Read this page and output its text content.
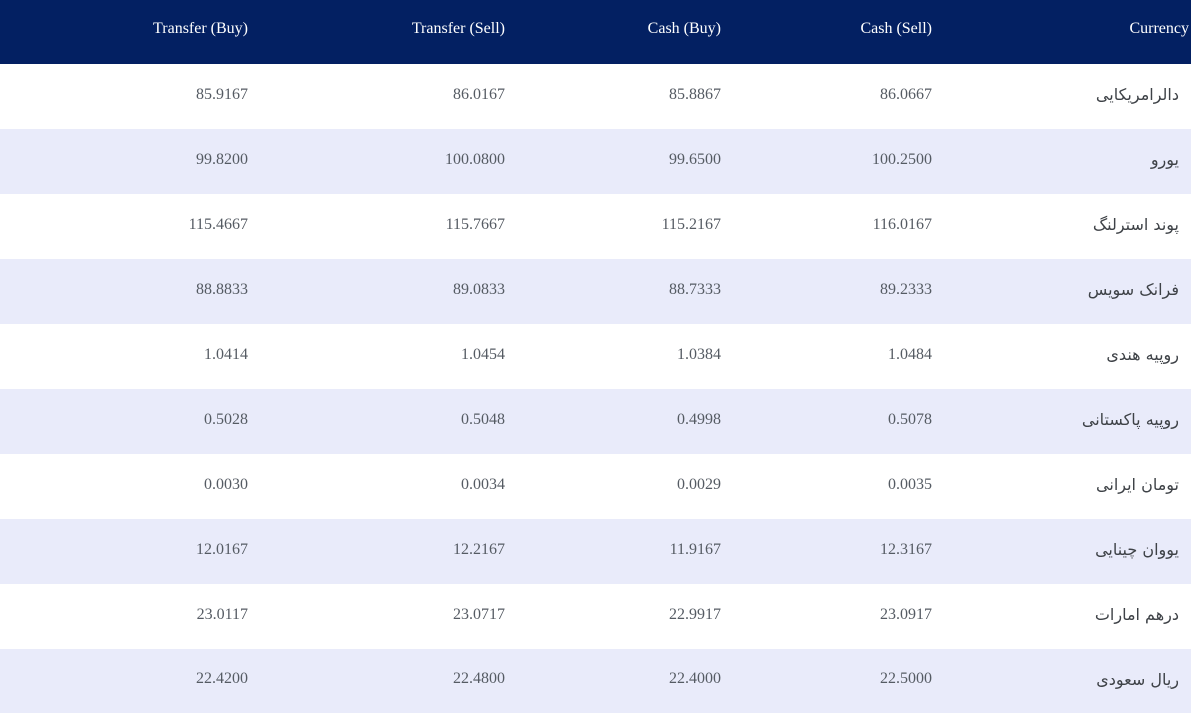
Transfer (Buy)	Transfer (Sell)	Cash (Buy)	Cash (Sell)	Currency
85.9167	86.0167	85.8867	86.0667	دالرامریکایی
99.8200	100.0800	99.6500	100.2500	یورو
115.4667	115.7667	115.2167	116.0167	پوند استرلنگ
88.8833	89.0833	88.7333	89.2333	فرانک سویس
1.0414	1.0454	1.0384	1.0484	روپیه هندی
0.5028	0.5048	0.4998	0.5078	روپیه پاکستانی
0.0030	0.0034	0.0029	0.0035	تومان ایرانی
12.0167	12.2167	11.9167	12.3167	یووان چینایی
23.0117	23.0717	22.9917	23.0917	درهم امارات
22.4200	22.4800	22.4000	22.5000	ریال سعودی
